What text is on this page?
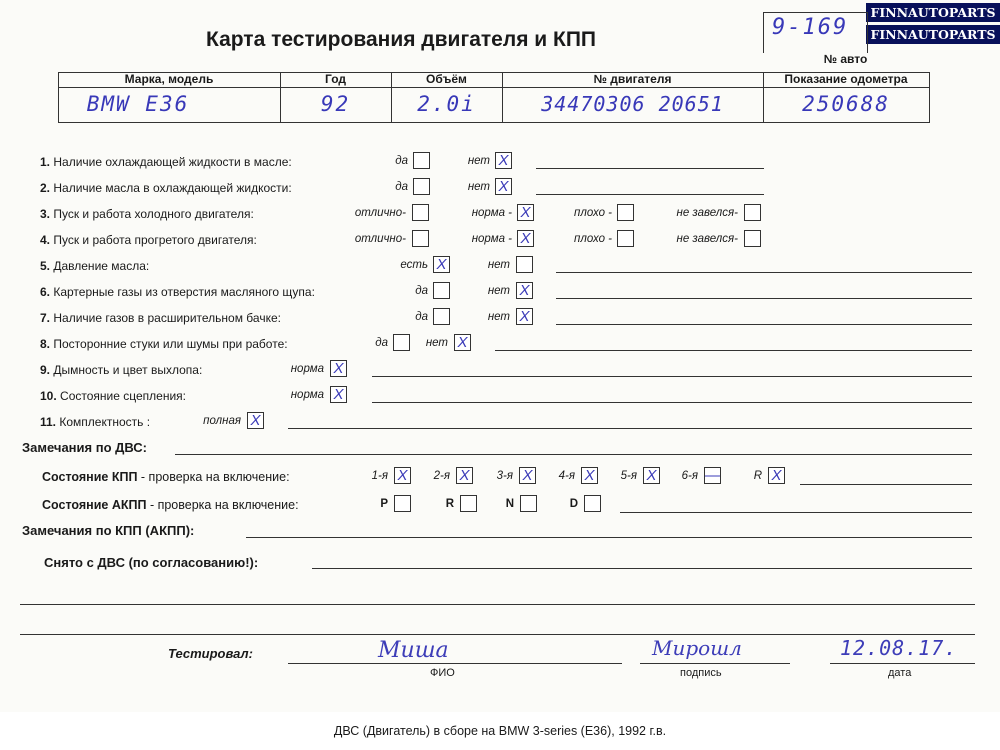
FINNAUTOPARTS
FINNAUTOPARTS
Карта тестирования двигателя и КПП	9-169
№ авто
Марка, модель	Год	Объём	№ двигателя	Показание одометра
BMW E36	92	2.0i	34470306 20651	250688
1. Наличие охлаждающей жидкости в масле:	да	нет X
2. Наличие масла в охлаждающей жидкости:	да	нет X
3. Пуск и работа холодного двигателя:	отлично-	норма - X	плохо -	не завелся-
4. Пуск и работа прогретого двигателя:	отлично-	норма - X	плохо -	не завелся-
5. Давление масла:	есть X	нет
6. Картерные газы из отверстия масляного щупа:	да	нет X
7. Наличие газов в расширительном бачке:	да	нет X
8. Посторонние стуки или шумы при работе:	да	нет X
9. Дымность и цвет выхлопа:	норма X
10. Состояние сцепления:	норма X
11. Комплектность :	полная X
Замечания по ДВС:
Состояние КПП - проверка на включение:	1-я X	2-я X	3-я X	4-я X	5-я X	6-я —	R X
Состояние АКПП - проверка на включение:	P	R	N	D
Замечания по КПП (АКПП):
Снято с ДВС (по согласованию!):
Тестировал:	Миша
ФИО
Мирошл
подпись
12.08.17.
дата
ДВС (Двигатель) в сборе на BMW 3-series (E36), 1992 г.в.
